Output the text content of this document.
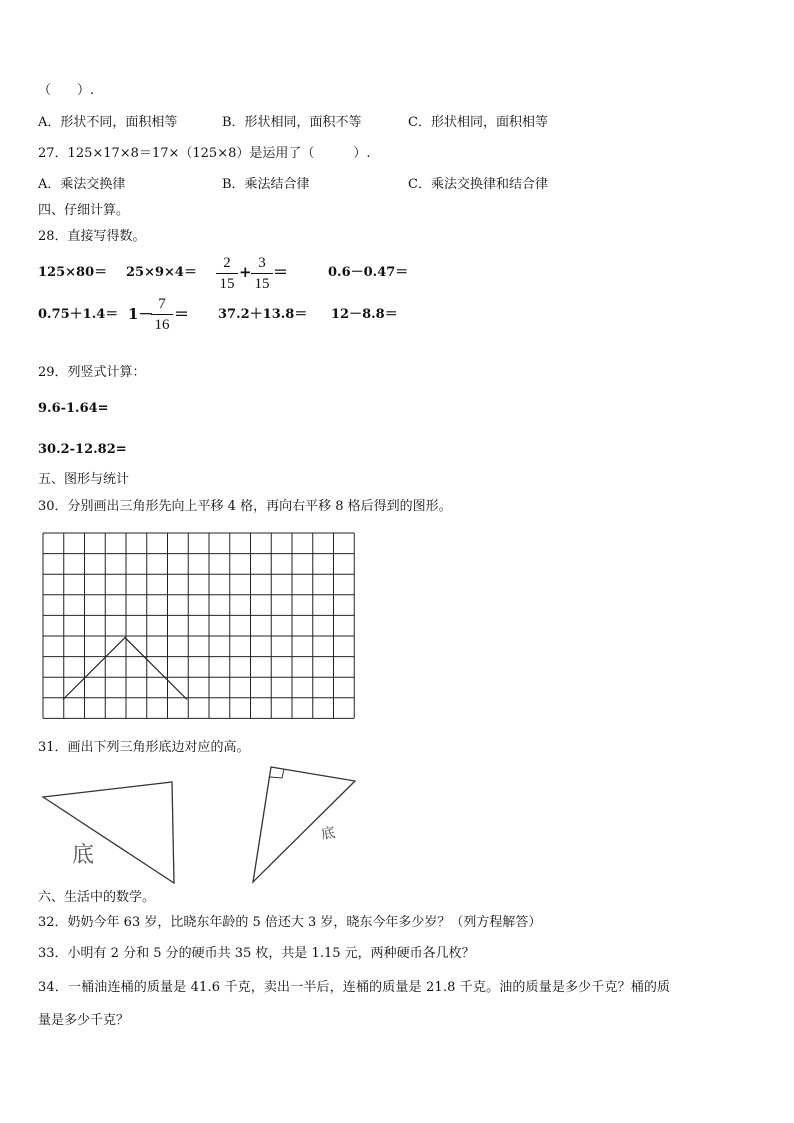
（　　）.
A．形状不同，面积相等	B．形状相同，面积不等	C．形状相同，面积相等
27．125×17×8＝17×（125×8）是运用了（　　　）.
A．乘法交换律	B．乘法结合律	C．乘法交换律和结合律
四、仔细计算。
28．直接写得数。
125×80＝ 25×9×4＝
2
15
+ 3
15
＝	0.6－0.47＝
0.75＋1.4＝ 1－
7
16
＝ 37.2＋13.8＝ 12－8.8＝
29．列竖式计算：
9.6-1.64=
30.2-12.82=
五、图形与统计
30．分别画出三角形先向上平移 4 格，再向右平移 8 格后得到的图形。
31．画出下列三角形底边对应的高。
底
底
六、生活中的数学。
32．奶奶今年 63 岁，比晓东年龄的 5 倍还大 3 岁，晓东今年多少岁？（列方程解答）
33．小明有 2 分和 5 分的硬币共 35 枚，共是 1.15 元，两种硬币各几枚？
34．一桶油连桶的质量是 41.6 千克，卖出一半后，连桶的质量是 21.8 千克。油的质量是多少千克？桶的质
量是多少千克？
